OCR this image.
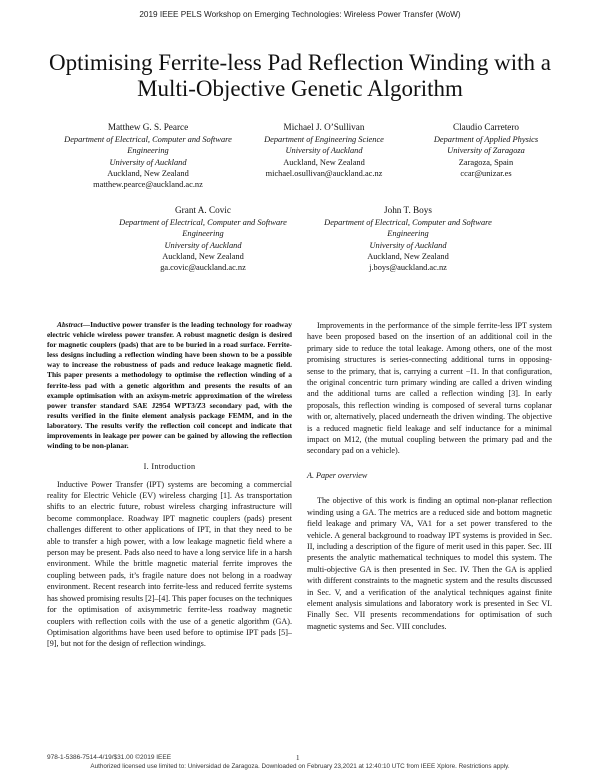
2019 IEEE PELS Workshop on Emerging Technologies: Wireless Power Transfer (WoW)
Optimising Ferrite-less Pad Reflection Winding with a Multi-Objective Genetic Algorithm
Matthew G. S. Pearce
Department of Electrical, Computer and Software Engineering
University of Auckland
Auckland, New Zealand
matthew.pearce@auckland.ac.nz
Michael J. O’Sullivan
Department of Engineering Science
University of Auckland
Auckland, New Zealand
michael.osullivan@auckland.ac.nz
Claudio Carretero
Department of Applied Physics
University of Zaragoza
Zaragoza, Spain
ccar@unizar.es
Grant A. Covic
Department of Electrical, Computer and Software Engineering
University of Auckland
Auckland, New Zealand
ga.covic@auckland.ac.nz
John T. Boys
Department of Electrical, Computer and Software Engineering
University of Auckland
Auckland, New Zealand
j.boys@auckland.ac.nz

Abstract—Inductive power transfer is the leading technology for roadway electric vehicle wireless power transfer. A robust magnetic design is desired for magnetic couplers (pads) that are to be buried in a road surface. Ferrite-less designs including a reflection winding have been shown to be a possible way to increase the robustness of pads and reduce leakage magnetic field. This paper presents a methodology to optimise the reflection winding of a ferrite-less pad with a genetic algorithm and presents the results of an example optimisation with an axisym-metric approximation of the wireless power transfer standard SAE J2954 WPT3/Z3 secondary pad, with the results verified in the finite element analysis package FEMM, and in the laboratory. The results verify the reflection coil concept and indicate that improvements in leakage per power can be gained by allowing the reflection winding to be non-planar.

I. Introduction

Inductive Power Transfer (IPT) systems are becoming a commercial reality for Electric Vehicle (EV) wireless charging [1]. As transportation shifts to an electric future, robust wireless charging infrastructure will become commonplace. Roadway IPT magnetic couplers (pads) present challenges different to other applications of IPT, in that they need to be able to transfer a high power, with a low leakage magnetic field where a person may be present. Pads also need to have a long service life in a harsh environment. While the brittle magnetic material ferrite improves the coupling between pads, it’s fragile nature does not belong in a roadway environment. Recent research into ferrite-less and reduced ferrite systems has showed promising results [2]–[4]. This paper focuses on the techniques for the optimisation of axisymmetric ferrite-less roadway magnetic couplers with reflection coils with the use of a genetic algorithm (GA). Optimisation algorithms have been used before to optimise IPT pads [5]–[9], but not for the design of reflection windings.

Improvements in the performance of the simple ferrite-less IPT system have been proposed based on the insertion of an additional coil in the primary side to reduce the total leakage. Among others, one of the most promising structures is series-connecting additional turns in opposing-sense to the primary, that is, carrying a current −I1. In that configuration, the original concentric turn primary winding are called a driven winding and the additional turns are called a reflection winding [3]. In early proposals, this reflection winding is composed of several turns coplanar with or, alternatively, placed underneath the driven winding. The objective is a reduced magnetic field leakage and self inductance for a minimal impact on M12, (the mutual coupling between the primary pad and the secondary pad on a vehicle).

A. Paper overview

The objective of this work is finding an optimal non-planar reflection winding using a GA. The metrics are a reduced side and bottom magnetic field leakage and primary VA, VA1 for a set power transfered to the vehicle. A general background to roadway IPT systems is provided in Sec. II, including a description of the figure of merit used in this paper. Sec. III presents the analytic mathematical techniques to model this system. The multi-objective GA is then presented in Sec. IV. Then the GA is applied with different constraints to the magnetic system and the results discussed in Sec. V, and a verification of the analytical techniques against finite element analysis simulations and laboratory work is presented in Sec VI. Finally Sec. VII presents recommendations for optimisation of such magnetic systems and Sec. VIII concludes.

978-1-5386-7514-4/19/$31.00 ©2019 IEEE	1
Authorized licensed use limited to: Universidad de Zaragoza. Downloaded on February 23,2021 at 12:40:10 UTC from IEEE Xplore. Restrictions apply.
